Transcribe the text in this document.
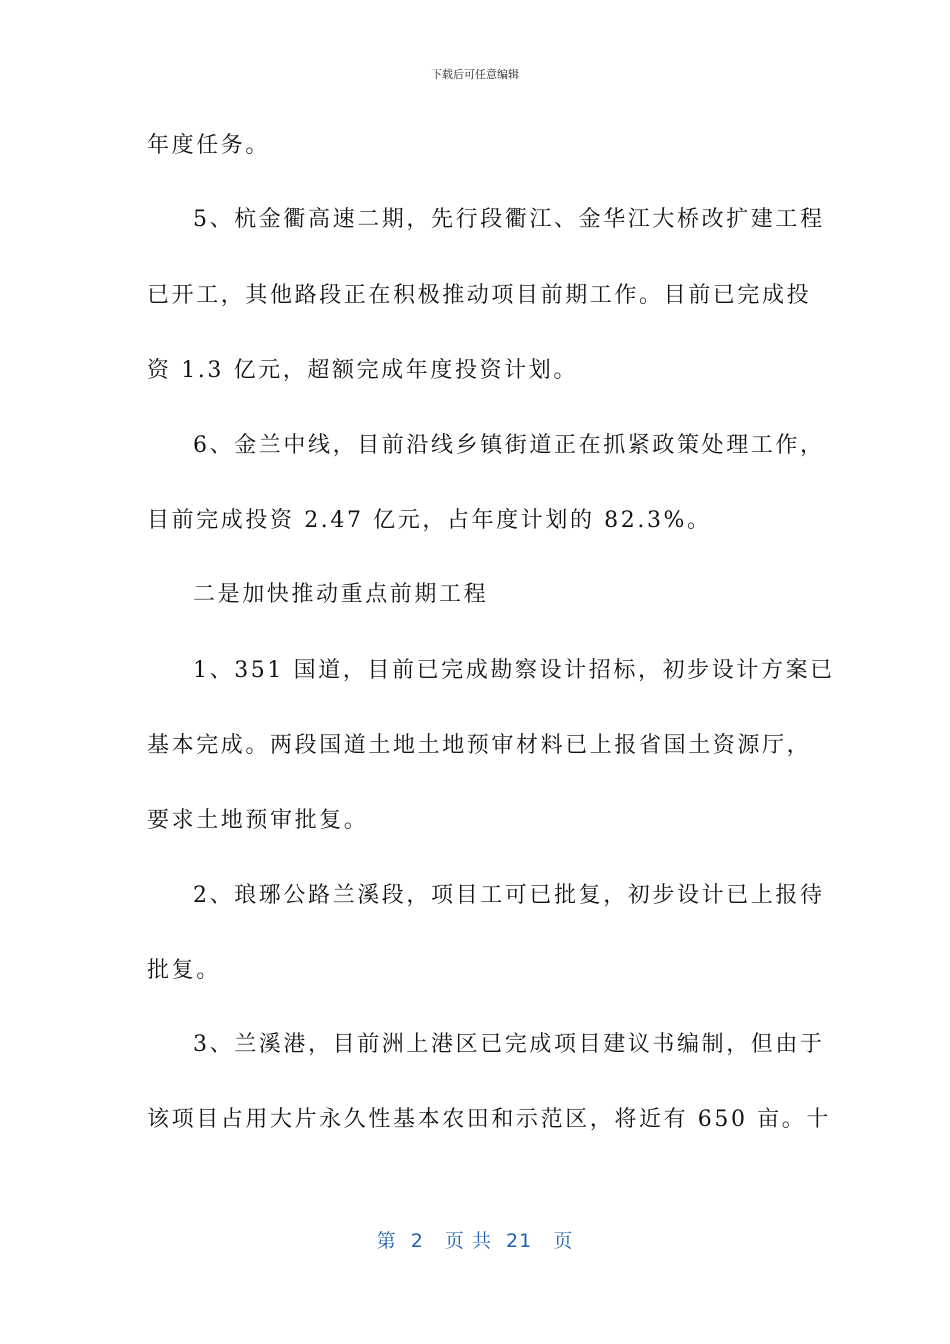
下载后可任意编辑
年度任务。
5、杭金衢高速二期，先行段衢江、金华江大桥改扩建工程
已开工，其他路段正在积极推动项目前期工作。目前已完成投
资 1.3 亿元，超额完成年度投资计划。
6、金兰中线，目前沿线乡镇街道正在抓紧政策处理工作，
目前完成投资 2.47 亿元，占年度计划的 82.3%。
二是加快推动重点前期工程
1、351 国道，目前已完成勘察设计招标，初步设计方案已
基本完成。两段国道土地土地预审材料已上报省国土资源厅，
要求土地预审批复。
2、琅琊公路兰溪段，项目工可已批复，初步设计已上报待
批复。
3、兰溪港，目前洲上港区已完成项目建议书编制，但由于
该项目占用大片永久性基本农田和示范区，将近有 650 亩。十
第  2   页 共  21   页
